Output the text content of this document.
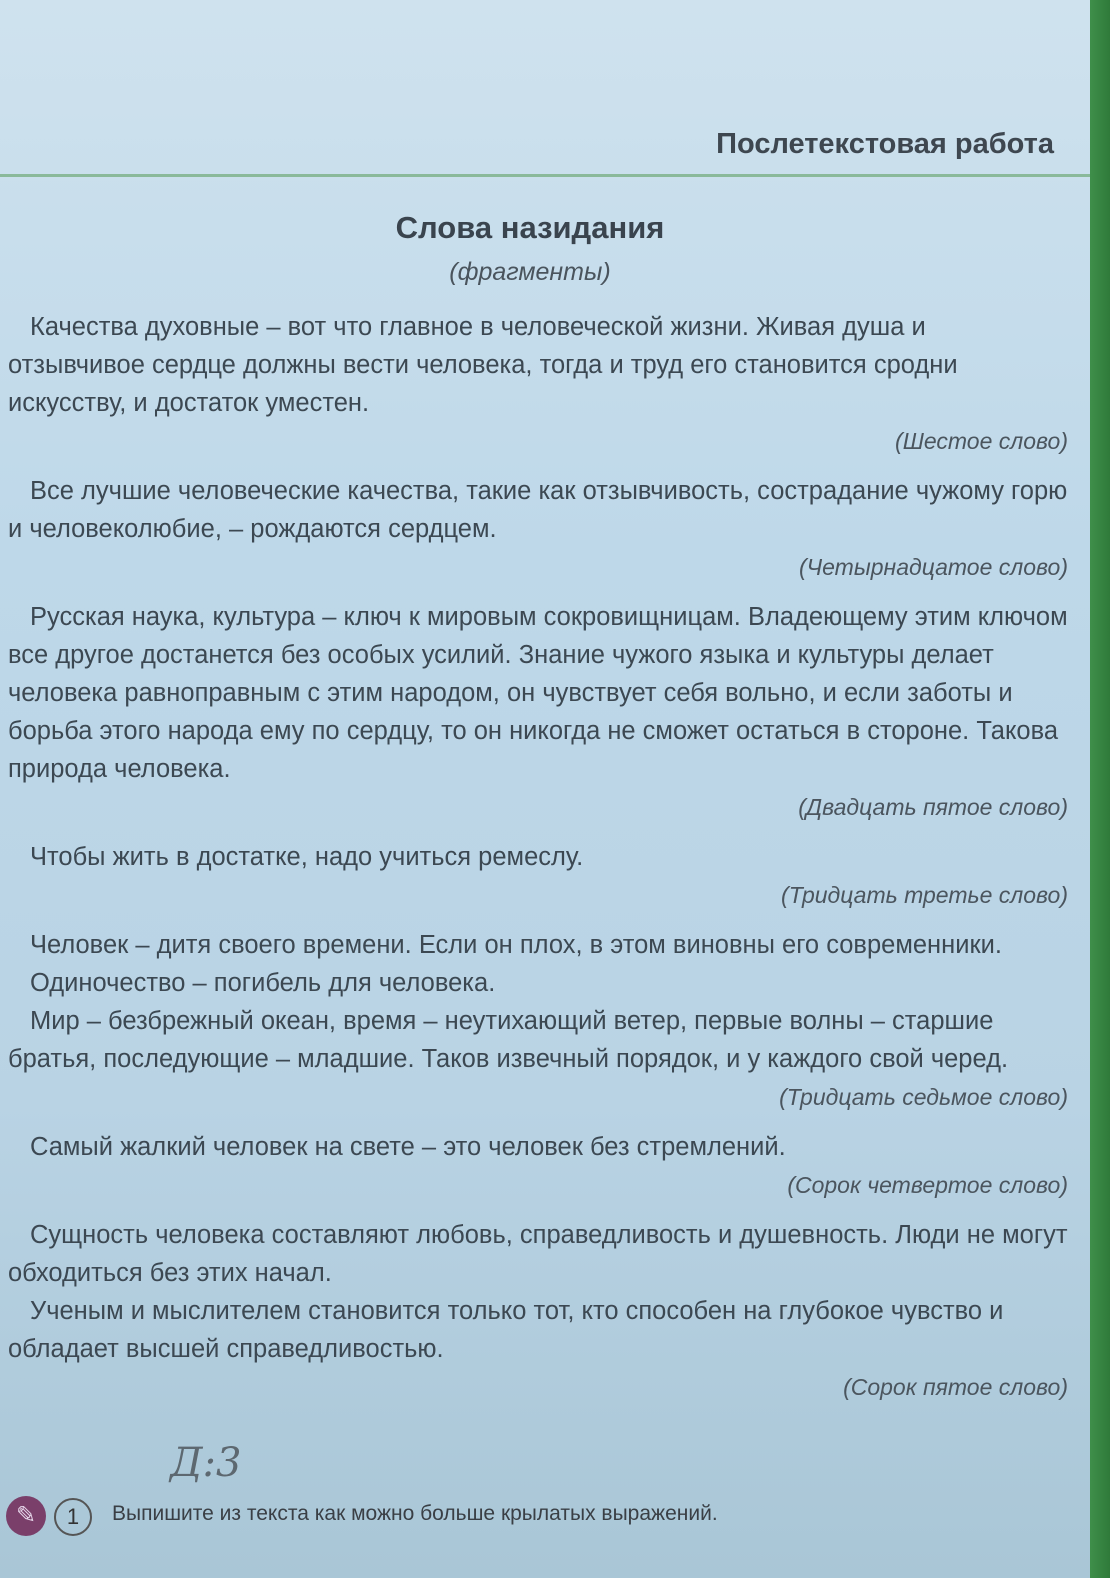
Послетекстовая работа
Слова назидания
(фрагменты)

Качества духовные – вот что главное в человеческой жизни. Живая душа и отзывчивое сердце должны вести человека, тогда и труд его становится сродни искусству, и достаток уместен.

(Шестое слово)

Все лучшие человеческие качества, такие как отзывчивость, сострадание чужому горю и человеколюбие, – рождаются сердцем.

(Четырнадцатое слово)

Русская наука, культура – ключ к мировым сокровищницам. Владеющему этим ключом все другое достанется без особых усилий. Знание чужого языка и культуры делает человека равноправным с этим народом, он чувствует себя вольно, и если заботы и борьба этого народа ему по сердцу, то он никогда не сможет остаться в стороне. Такова природа человека.

(Двадцать пятое слово)

Чтобы жить в достатке, надо учиться ремеслу.

(Тридцать третье слово)

Человек – дитя своего времени. Если он плох, в этом виновны его современники.

Одиночество – погибель для человека.

Мир – безбрежный океан, время – неутихающий ветер, первые волны – старшие братья, последующие – младшие. Таков извечный порядок, и у каждого свой черед.

(Тридцать седьмое слово)

Самый жалкий человек на свете – это человек без стремлений.

(Сорок четвертое слово)

Сущность человека составляют любовь, справедливость и душевность. Люди не могут обходиться без этих начал.

Ученым и мыслителем становится только тот, кто способен на глубокое чувство и обладает высшей справедливостью.

(Сорок пятое слово)
Д:3
✎	1	Выпишите из текста как можно больше крылатых выражений.
